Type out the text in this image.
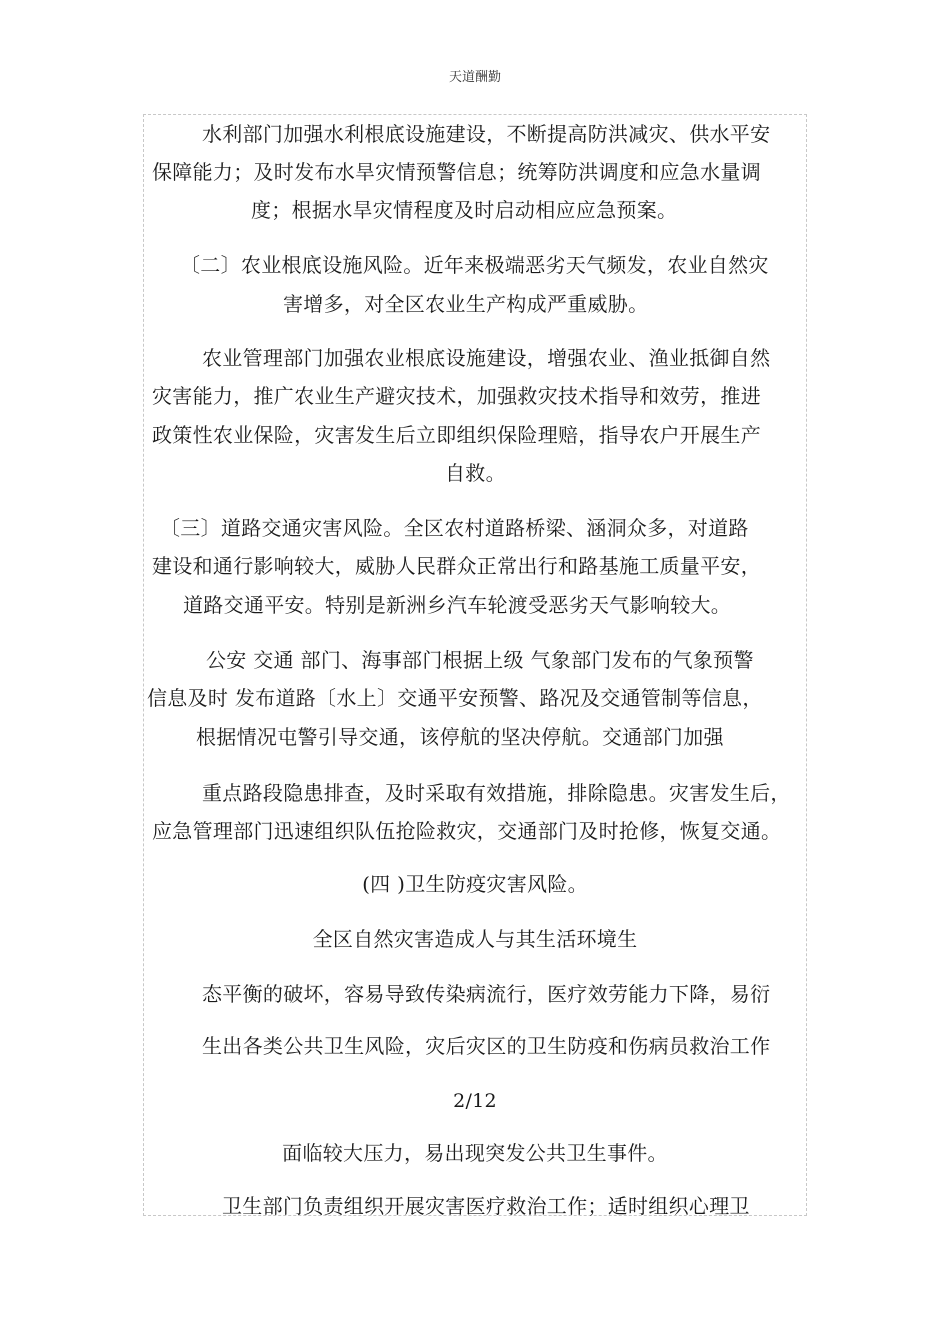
天道酬勤
水利部门加强水利根底设施建设，不断提高防洪减灾、供水平安
保障能力；及时发布水旱灾情预警信息；统筹防洪调度和应急水量调
度；根据水旱灾情程度及时启动相应应急预案。
〔二〕农业根底设施风险。近年来极端恶劣天气频发，农业自然灾
害增多，对全区农业生产构成严重威胁。
农业管理部门加强农业根底设施建设，增强农业、渔业抵御自然
灾害能力，推广农业生产避灾技术，加强救灾技术指导和效劳，推进
政策性农业保险，灾害发生后立即组织保险理赔，指导农户开展生产
自救。
〔三〕道路交通灾害风险。全区农村道路桥梁、涵洞众多，对道路
建设和通行影响较大，威胁人民群众正常出行和路基施工质量平安，
道路交通平安。特别是新洲乡汽车轮渡受恶劣天气影响较大。
公安 交通 部门、海事部门根据上级 气象部门发布的气象预警
信息及时 发布道路〔水上〕交通平安预警、路况及交通管制等信息，
根据情况屯警引导交通，该停航的坚决停航。交通部门加强
重点路段隐患排查，及时采取有效措施，排除隐患。灾害发生后，
应急管理部门迅速组织队伍抢险救灾，交通部门及时抢修，恢复交通。
(四 )卫生防疫灾害风险。
全区自然灾害造成人与其生活环境生
态平衡的破坏，容易导致传染病流行，医疗效劳能力下降，易衍
生出各类公共卫生风险，灾后灾区的卫生防疫和伤病员救治工作
2/12
面临较大压力，易出现突发公共卫生事件。
卫生部门负责组织开展灾害医疗救治工作；适时组织心理卫
